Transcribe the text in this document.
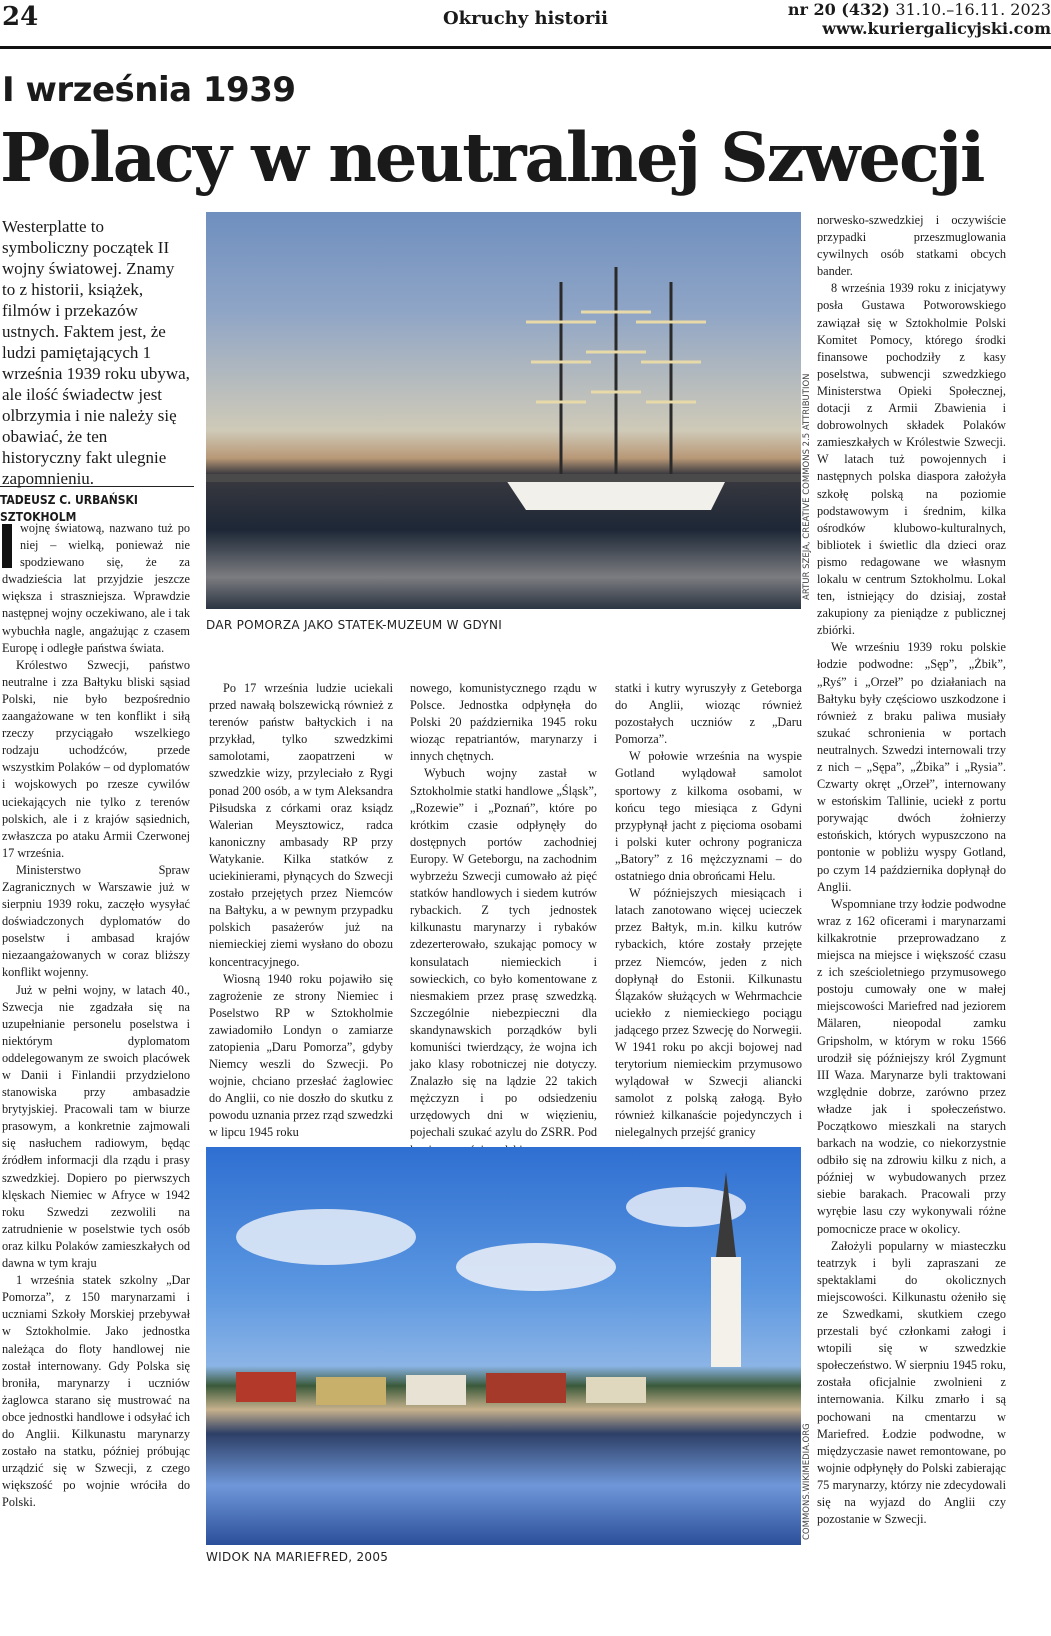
24	Okruchy historii	nr 20 (432) 31.10.–16.11. 2023
www.kuriergalicyjski.com
I września 1939
Polacy w neutralnej Szwecji
Westerplatte to symboliczny początek II wojny światowej. Znamy to z historii, książek, filmów i przekazów ustnych. Faktem jest, że ludzi pamiętających 1 września 1939 roku ubywa, ale ilość świadectw jest olbrzymia i nie należy się obawiać, że ten historyczny fakt ulegnie zapomnieniu.
TADEUSZ C. URBAŃSKI
SZTOKHOLM

wojnę światową, nazwano tuż po niej – wielką, ponieważ nie spodziewano się, że za dwadzieścia lat przyjdzie jeszcze większa i straszniejsza. Wprawdzie następnej wojny oczekiwano, ale i tak wybuchła nagle, angażując z czasem Europę i odległe państwa świata.

Królestwo Szwecji, państwo neutralne i zza Bałtyku bliski sąsiad Polski, nie było bezpośrednio zaangażowane w ten konflikt i siłą rzeczy przyciągało wszelkiego rodzaju uchodźców, przede wszystkim Polaków – od dyplomatów i wojskowych po rzesze cywilów uciekających nie tylko z terenów polskich, ale i z krajów sąsiednich, zwłaszcza po ataku Armii Czerwonej 17 września.

Ministerstwo Spraw Zagranicznych w Warszawie już w sierpniu 1939 roku, zaczęło wysyłać doświadczonych dyplomatów do poselstw i ambasad krajów niezaangażowanych w coraz bliższy konflikt wojenny.

Już w pełni wojny, w latach 40., Szwecja nie zgadzała się na uzupełnianie personelu poselstwa i niektórym dyplomatom oddelegowanym ze swoich placówek w Danii i Finlandii przydzielono stanowiska przy ambasadzie brytyjskiej. Pracowali tam w biurze prasowym, a konkretnie zajmowali się nasłuchem radiowym, będąc źródłem informacji dla rządu i prasy szwedzkiej. Dopiero po pierwszych klęskach Niemiec w Afryce w 1942 roku Szwedzi zezwolili na zatrudnienie w poselstwie tych osób oraz kilku Polaków zamieszkałych od dawna w tym kraju

1 września statek szkolny „Dar Pomorza”, z 150 marynarzami i uczniami Szkoły Morskiej przebywał w Sztokholmie. Jako jednostka należąca do floty handlowej nie został internowany. Gdy Polska się broniła, marynarzy i uczniów żaglowca starano się mustrować na obce jednostki handlowe i odsyłać ich do Anglii. Kilkunastu marynarzy zostało na statku, później próbując urządzić się w Szwecji, z czego większość po wojnie wróciła do Polski.

DAR POMORZA JAKO STATEK-MUZEUM W GDYNI
ARTUR SZEJA, CREATIVE COMMONS 2.5 ATTRIBUTION

Po 17 września ludzie uciekali przed nawałą bolszewicką również z terenów państw bałtyckich i na przykład, tylko szwedzkimi samolotami, zaopatrzeni w szwedzkie wizy, przyleciało z Rygi ponad 200 osób, a w tym Aleksandra Piłsudska z córkami oraz ksiądz Walerian Meysztowicz, radca kanoniczny ambasady RP przy Watykanie. Kilka statków z uciekinierami, płynących do Szwecji zostało przejętych przez Niemców na Bałtyku, a w pewnym przypadku polskich pasażerów już na niemieckiej ziemi wysłano do obozu koncentracyjnego.

Wiosną 1940 roku pojawiło się zagrożenie ze strony Niemiec i Poselstwo RP w Sztokholmie zawiadomiło Londyn o zamiarze zatopienia „Daru Pomorza”, gdyby Niemcy weszli do Szwecji. Po wojnie, chciano przesłać żaglowiec do Anglii, co nie doszło do skutku z powodu uznania przez rząd szwedzki w lipcu 1945 roku

nowego, komunistycznego rządu w Polsce. Jednostka odpłynęła do Polski 20 października 1945 roku wioząc repatriantów, marynarzy i innych chętnych.

Wybuch wojny zastał w Sztokholmie statki handlowe „Śląsk”, „Rozewie” i „Poznań”, które po krótkim czasie odpłynęły do dostępnych portów zachodniej Europy. W Geteborgu, na zachodnim wybrzeżu Szwecji cumowało aż pięć statków handlowych i siedem kutrów rybackich. Z tych jednostek kilkunastu marynarzy i rybaków zdezerterowało, szukając pomocy w konsulatach niemieckich i sowieckich, co było komentowane z niesmakiem przez prasę szwedzką. Szczególnie niebezpieczni dla skandynawskich porządków byli komuniści twierdzący, że wojna ich jako klasy robotniczej nie dotyczy. Znalazło się na lądzie 22 takich mężczyzn i po odsiedzeniu urzędowych dni w więzieniu, pojechali szukać azylu do ZSRR. Pod

statki i kutry wyruszyły z Geteborga do Anglii, wioząc również pozostałych uczniów z „Daru Pomorza”.

W połowie września na wyspie Gotland wylądował samolot sportowy z kilkoma osobami, w końcu tego miesiąca z Gdyni przypłynął jacht z pięcioma osobami i polski kuter ochrony pogranicza „Batory” z 16 mężczyznami – do ostatniego dnia obrońcami Helu.

W późniejszych miesiącach i latach zanotowano więcej ucieczek przez Bałtyk, m.in. kilku kutrów rybackich, które zostały przejęte przez Niemców, jeden z nich dopłynął do Estonii. Kilkunastu Ślązaków służących w Wehrmachcie uciekło z niemieckiego pociągu jadącego przez Szwecję do Norwegii. W 1941 roku po akcji bojowej nad terytorium niemieckim przymusowo wylądował w Szwecji aliancki samolot z polską załogą. Było również kilkanaście pojedynczych i nielegalnych przejść granicy

WIDOK NA MARIEFRED, 2005
COMMONS.WIKIMEDIA.ORG

norwesko-szwedzkiej i oczywiście przypadki przeszmuglowania cywilnych osób statkami obcych bander.

8 września 1939 roku z inicjatywy posła Gustawa Potworowskiego zawiązał się w Sztokholmie Polski Komitet Pomocy, którego środki finansowe pochodziły z kasy poselstwa, subwencji szwedzkiego Ministerstwa Opieki Społecznej, dotacji z Armii Zbawienia i dobrowolnych składek Polaków zamieszkałych w Królestwie Szwecji. W latach tuż powojennych i następnych polska diaspora założyła szkołę polską na poziomie podstawowym i średnim, kilka ośrodków klubowo-kulturalnych, bibliotek i świetlic dla dzieci oraz pismo redagowane we własnym lokalu w centrum Sztokholmu. Lokal ten, istniejący do dzisiaj, został zakupiony za pieniądze z publicznej zbiórki.

We wrześniu 1939 roku polskie łodzie podwodne: „Sęp”, „Żbik”, „Ryś” i „Orzeł” po działaniach na Bałtyku były częściowo uszkodzone i również z braku paliwa musiały szukać schronienia w portach neutralnych. Szwedzi internowali trzy z nich – „Sępa”, „Żbika” i „Rysia”. Czwarty okręt „Orzeł”, internowany w estońskim Tallinie, uciekł z portu porywając dwóch żołnierzy estońskich, których wypuszczono na pontonie w pobliżu wyspy Gotland, po czym 14 października dopłynął do Anglii.

Wspomniane trzy łodzie podwodne wraz z 162 oficerami i marynarzami kilkakrotnie przeprowadzano z miejsca na miejsce i większość czasu z ich sześcioletniego przymusowego postoju cumowały one w małej miejscowości Mariefred nad jeziorem Mälaren, nieopodal zamku Gripsholm, w którym w roku 1566 urodził się późniejszy król Zygmunt III Waza. Marynarze byli traktowani względnie dobrze, zarówno przez władze jak i społeczeństwo. Początkowo mieszkali na starych barkach na wodzie, co niekorzystnie odbiło się na zdrowiu kilku z nich, a później w wybudowanych przez siebie barakach. Pracowali przy wyrębie lasu czy wykonywali różne pomocnicze prace w okolicy.

Założyli popularny w miasteczku teatrzyk i byli zapraszani ze spektaklami do okolicznych miejscowości. Kilkunastu ożeniło się ze Szwedkami, skutkiem czego przestali być członkami załogi i wtopili się w szwedzkie społeczeństwo. W sierpniu 1945 roku, została oficjalnie zwolnieni z internowania. Kilku zmarło i są pochowani na cmentarzu w Mariefred. Łodzie podwodne, w międzyczasie nawet remontowane, po wojnie odpłynęły do Polski zabierając 75 marynarzy, którzy nie zdecydowali się na wyjazd do Anglii czy pozostanie w Szwecji.
